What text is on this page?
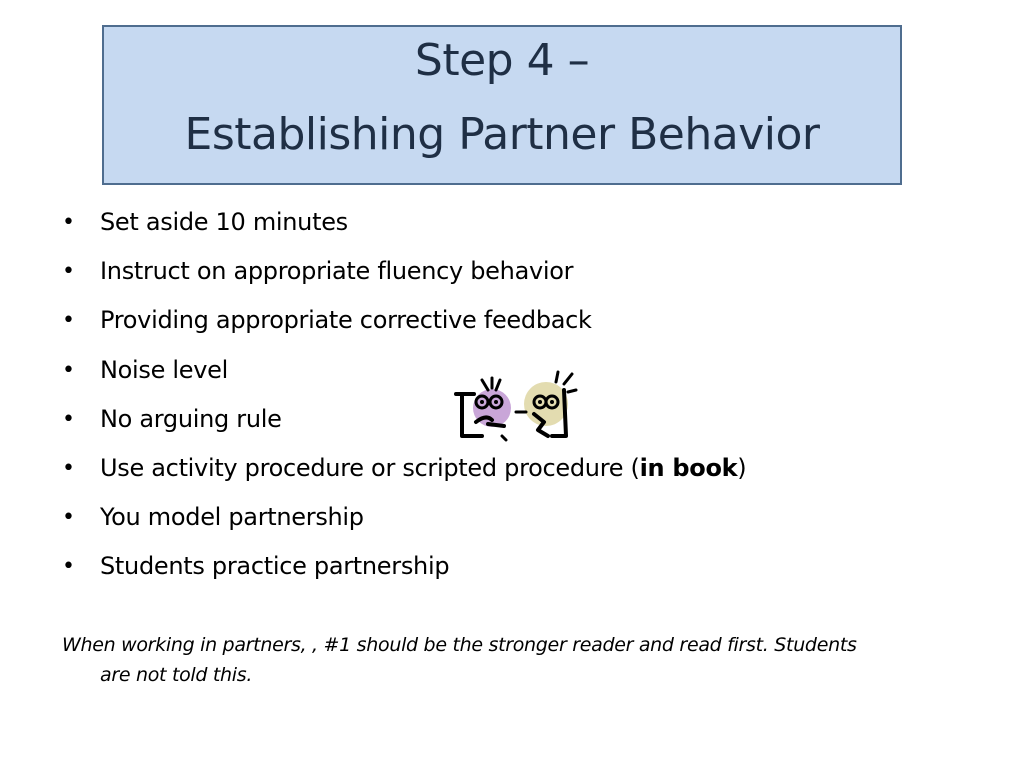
Step 4 –
Establishing Partner Behavior
• Set aside 10 minutes
• Instruct on appropriate fluency behavior
• Providing appropriate corrective feedback
• Noise level
• No arguing rule
• Use activity procedure or scripted procedure (in book)
• You model partnership
• Students practice partnership
When working in partners, , #1 should be the stronger reader and read first. Students
are not told this.
